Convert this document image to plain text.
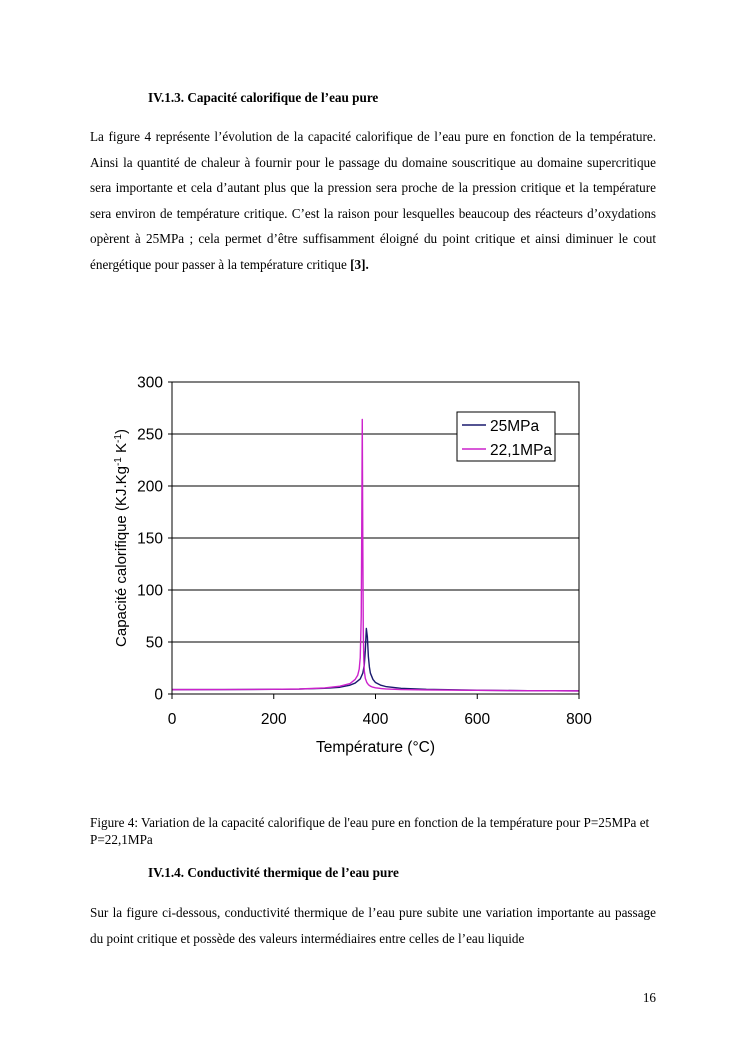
IV.1.3. Capacité calorifique de l’eau pure
La figure 4 représente l’évolution de la capacité calorifique de l’eau pure en fonction de la température. Ainsi la quantité de chaleur à fournir pour le passage du domaine souscritique au domaine supercritique sera importante et cela d’autant plus que la pression sera proche de la pression critique et la température sera environ de température critique. C’est la raison pour lesquelles beaucoup des réacteurs d’oxydations opèrent à 25MPa ; cela permet d’être suffisamment éloigné du point critique et ainsi diminuer le cout énergétique pour passer à la température critique [3].
0
50
100
150
200
250
300
0	200	400	600	800
Température (°C)
Capacité calorifique ($KJ.Kg^{-1}$ $K^{-1}$)	25MPa
22,1MPa
Figure 4: Variation de la capacité calorifique de l'eau pure en fonction de la température pour P=25MPa et P=22,1MPa
IV.1.4. Conductivité thermique de l’eau pure
Sur la figure ci-dessous, conductivité thermique de l’eau pure subite une variation importante au passage du point critique et possède des valeurs intermédiaires entre celles de l’eau liquide
16
